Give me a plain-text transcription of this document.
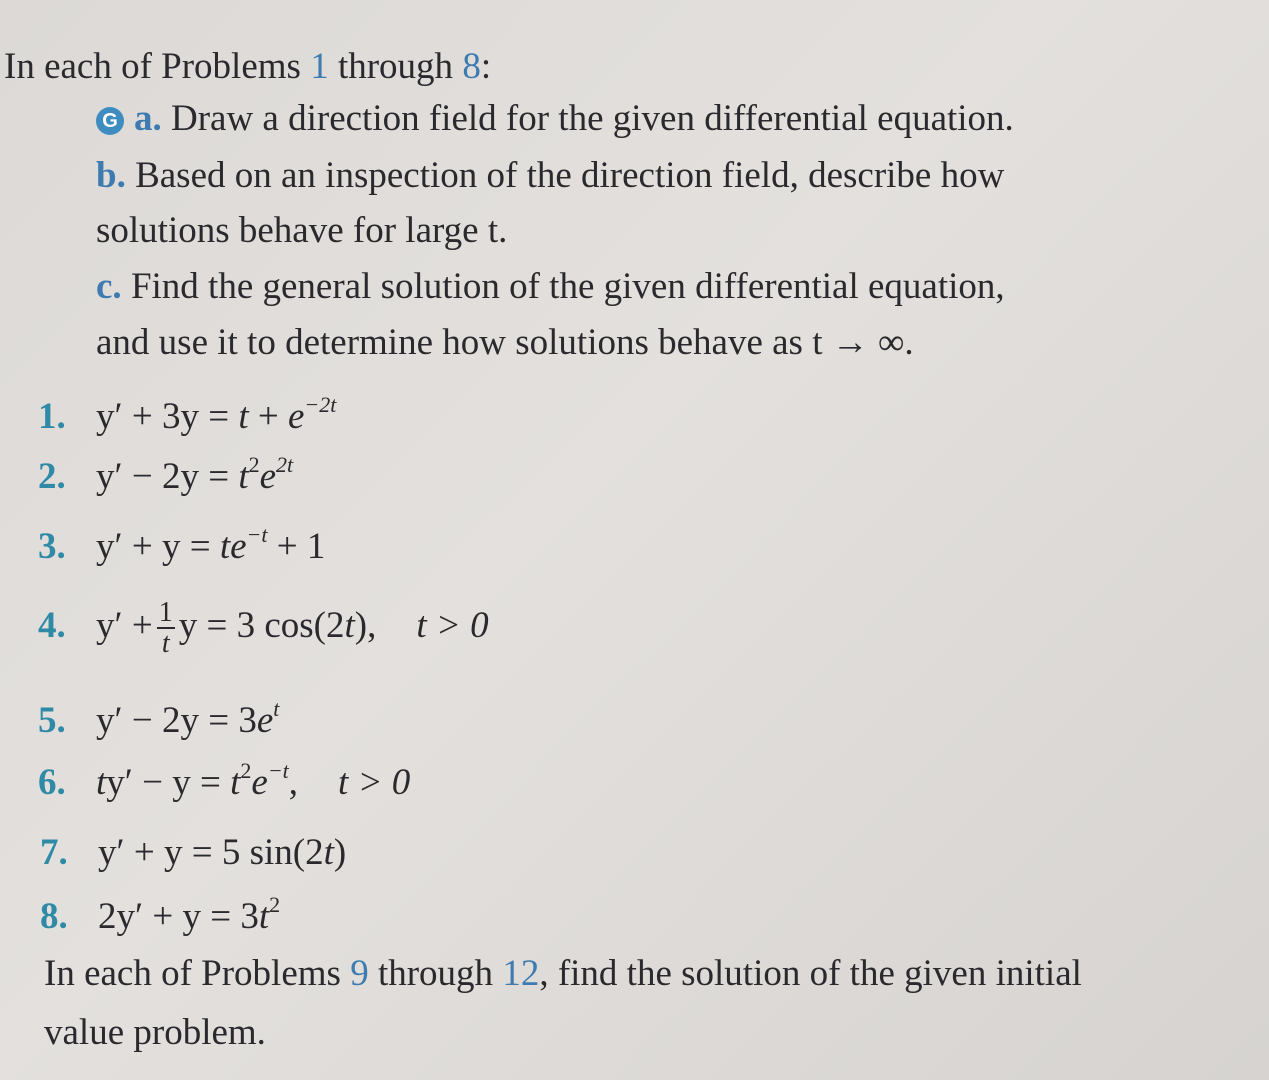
In each of Problems 1 through 8:
G a. Draw a direction field for the given differential equation.
b. Based on an inspection of the direction field, describe how
solutions behave for large t.
c. Find the general solution of the given differential equation,
and use it to determine how solutions behave as t → ∞.
1. $y' + 3y = t + e^{-2t}$
2. $y' - 2y = t^2e^{2t}$
3. $y' + y = te^{-t} + 1$
4. $y' + \frac{1}{t}$ y = 3 cos(2t), t > 0
5. $y' - 2y = 3e^t$
6. $ty' - y = t^2e^{-t}$, t > 0
7. y′ + y = 5 sin(2t)
8. $2y' + y = 3t^2$
In each of Problems 9 through 12, find the solution of the given initial
value problem.
